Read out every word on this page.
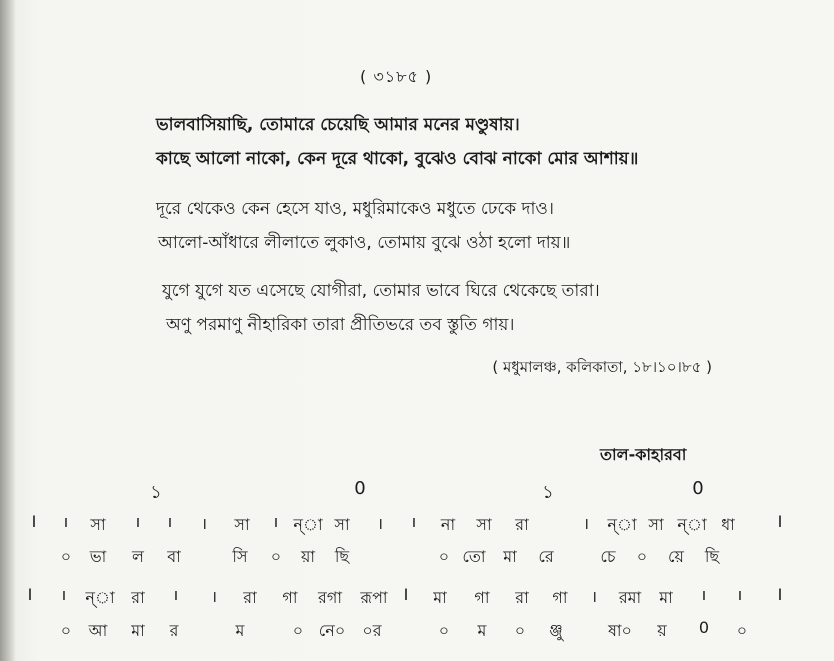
( ৩১৮৫ )
ভালবাসিয়াছি, তোমারে চেয়েছি আমার মনের মণ্ডুষায়।
কাছে আলো নাকো, কেন দূরে থাকো, বুঝেও বোঝ নাকো মোর আশায়॥
দূরে থেকেও কেন হেসে যাও, মধুরিমাকেও মধুতে ঢেকে দাও।
আলো-আঁধারে লীলাতে লুকাও, তোমায় বুঝে ওঠা হলো দায়॥
যুগে যুগে যত এসেছে যোগীরা, তোমার ভাবে ঘিরে থেকেছে তারা।
অণু পরমাণু নীহারিকা তারা প্রীতিভরে তব স্তুতি গায়।
( মধুমালঞ্চ, কলিকাতা, ১৮।১০।৮৫ )
তাল-কাহারবা
১	0	১	0
I ı সা ı ı । সা ı ন্‌া সা । ı না সা রা	। ন্‌া সা ন্‌া ধা	I
০ ভা ল বা	সি ০ য়া ছি	০ তো মা রে	চে ০ য়ে ছি
I ı ন্‌া রা ı । রা গা রগা রূপা I মা গা রা গা । রমা মা ı ı I
০ আ মা র	ম	০ নে০ ০র	০ ম ০ ঞ্জু	ষা০ য় 0 ০
